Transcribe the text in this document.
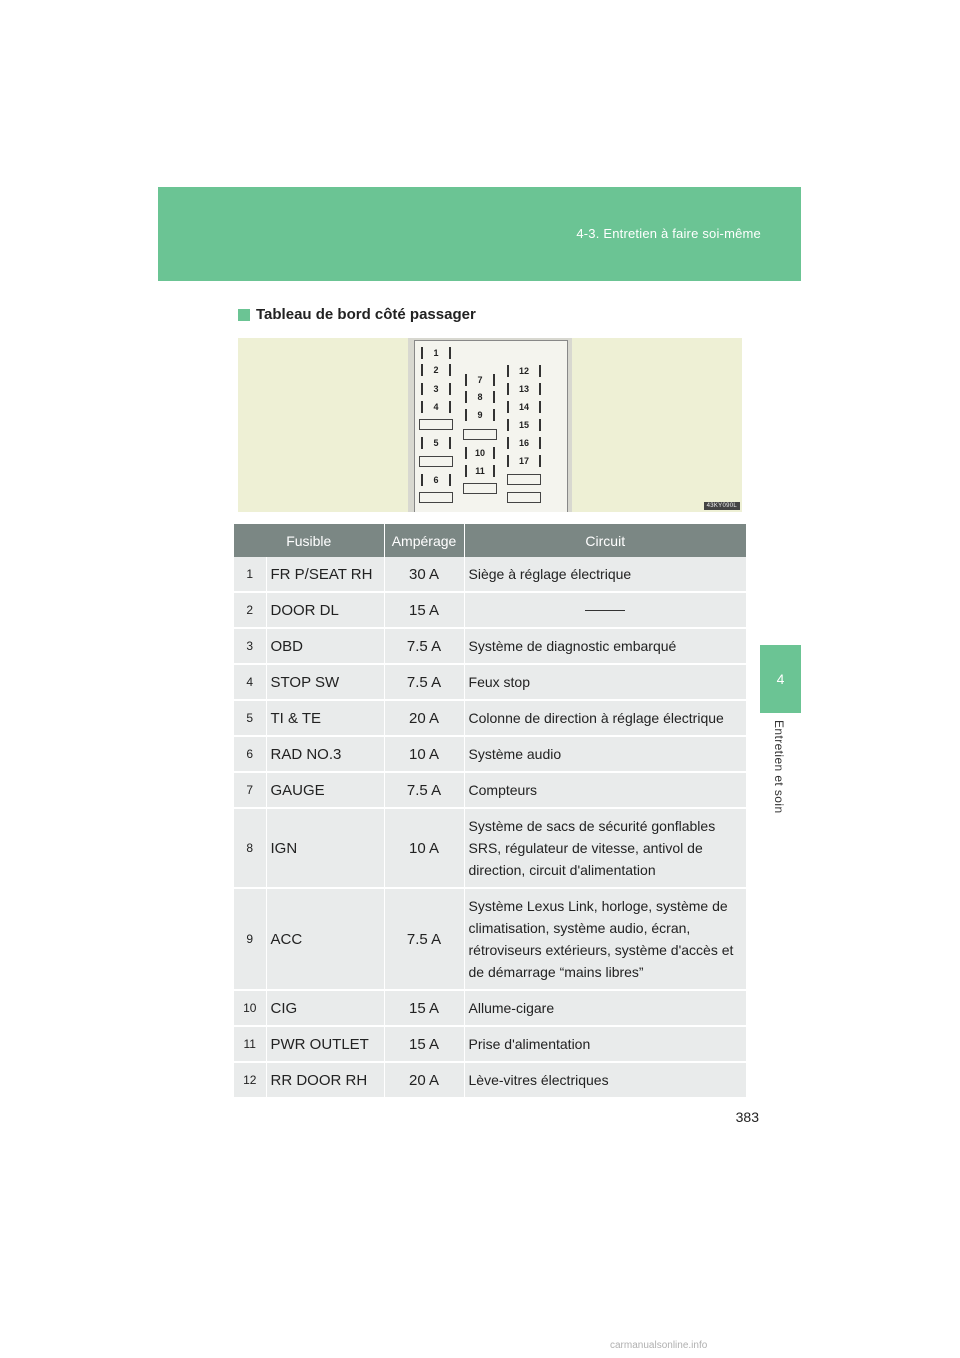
4-3. Entretien à faire soi-même
4
Entretien et soin
Tableau de bord côté passager
1
2
3
4
5
6
7
8
9
10
11
12
13
14
15
16
17
43KY090L
Fusible		Ampérage	Circuit
1	FR P/SEAT RH	30 A	Siège à réglage électrique
2	DOOR DL	15 A	

3	OBD	7.5 A	Système de diagnostic embarqué
4	STOP SW	7.5 A	Feux stop
5	TI & TE	20 A	Colonne de direction à réglage électrique
6	RAD NO.3	10 A	Système audio
7	GAUGE	7.5 A	Compteurs
8	IGN	10 A	Système de sacs de sécurité gonflables SRS, régulateur de vitesse, antivol de direction, circuit d'alimentation
9	ACC	7.5 A	Système Lexus Link, horloge, système de climatisation, système audio, écran, rétroviseurs extérieurs, système d'accès et de démarrage “mains libres”
10	CIG	15 A	Allume-cigare
11	PWR OUTLET	15 A	Prise d'alimentation
12	RR DOOR RH	20 A	Lève-vitres électriques
383
carmanualsonline.info
